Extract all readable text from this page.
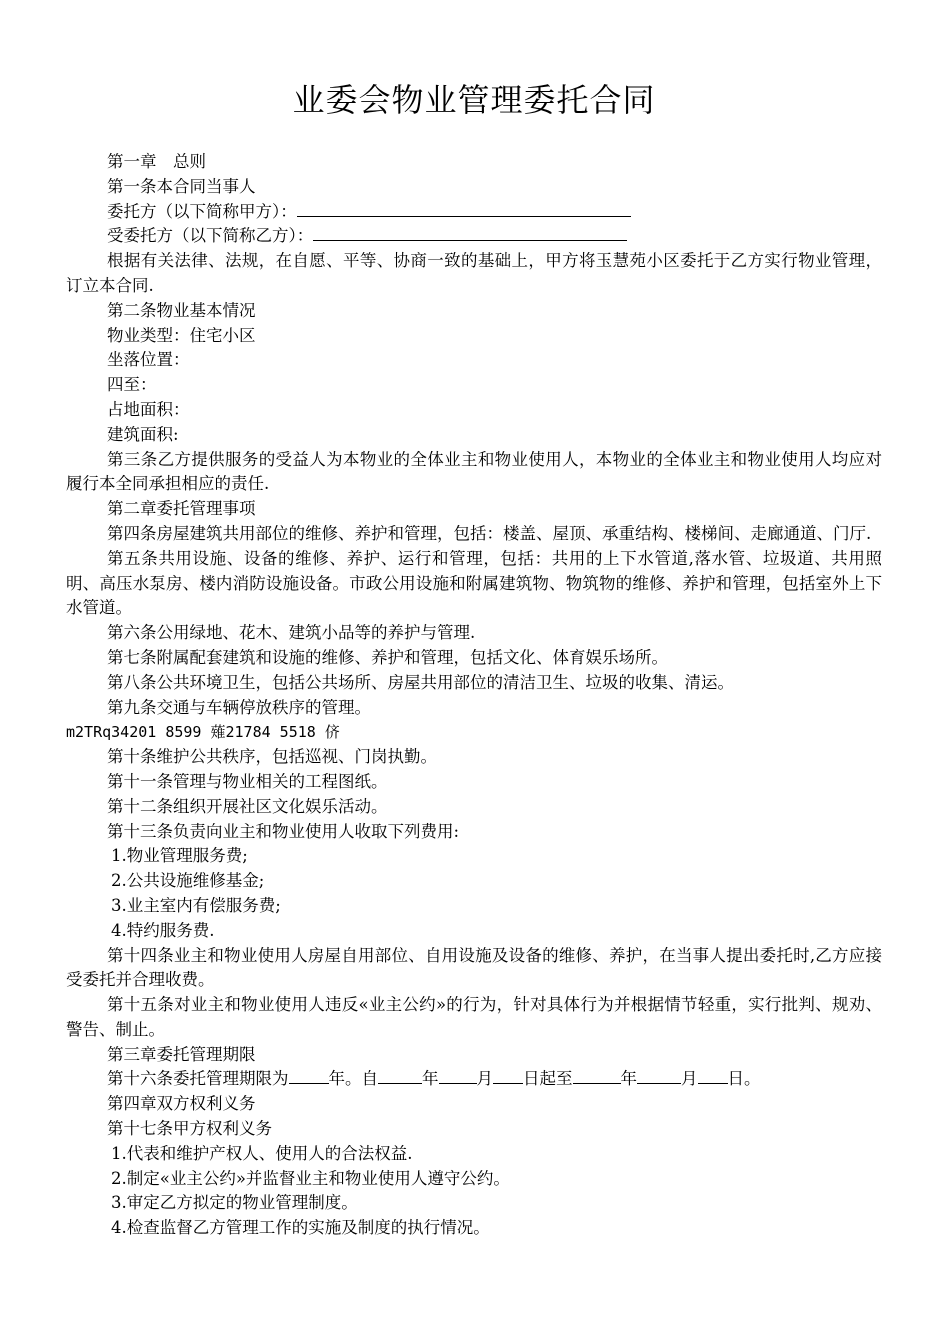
业委会物业管理委托合同

第一章　总则

第一条本合同当事人

委托方（以下简称甲方）：

受委托方（以下简称乙方）：

根据有关法律、法规，在自愿、平等、协商一致的基础上，甲方将玉慧苑小区委托于乙方实行物业管理，订立本合同.

第二条物业基本情况

物业类型：住宅小区

坐落位置：

四至：

占地面积：

建筑面积:

第三条乙方提供服务的受益人为本物业的全体业主和物业使用人，本物业的全体业主和物业使用人均应对履行本全同承担相应的责任.

第二章委托管理事项

第四条房屋建筑共用部位的维修、养护和管理，包括：楼盖、屋顶、承重结构、楼梯间、走廊通道、门厅.

第五条共用设施、设备的维修、养护、运行和管理，包括：共用的上下水管道,落水管、垃圾道、共用照明、高压水泵房、楼内消防设施设备。市政公用设施和附属建筑物、物筑物的维修、养护和管理，包括室外上下水管道。

第六条公用绿地、花木、建筑小品等的养护与管理.

第七条附属配套建筑和设施的维修、养护和管理，包括文化、体育娱乐场所。

第八条公共环境卫生，包括公共场所、房屋共用部位的清洁卫生、垃圾的收集、清运。

第九条交通与车辆停放秩序的管理。

m2TRq34201 8599 薙21784 5518 侪

第十条维护公共秩序，包括巡视、门岗执勤。

第十一条管理与物业相关的工程图纸。

第十二条组织开展社区文化娱乐活动。

第十三条负责向业主和物业使用人收取下列费用:

1.物业管理服务费;

2.公共设施维修基金;

3.业主室内有偿服务费;

4.特约服务费.

第十四条业主和物业使用人房屋自用部位、自用设施及设备的维修、养护，在当事人提出委托时,乙方应接受委托并合理收费。

第十五条对业主和物业使用人违反«业主公约»的行为，针对具体行为并根据情节轻重，实行批判、规劝、警告、制止。

第三章委托管理期限

第十六条委托管理期限为 年。自	年 月 日起至	年	月 日。

第四章双方权利义务

第十七条甲方权利义务

1.代表和维护产权人、使用人的合法权益.

2.制定«业主公约»并监督业主和物业使用人遵守公约。

3.审定乙方拟定的物业管理制度。

4.检查监督乙方管理工作的实施及制度的执行情况。
